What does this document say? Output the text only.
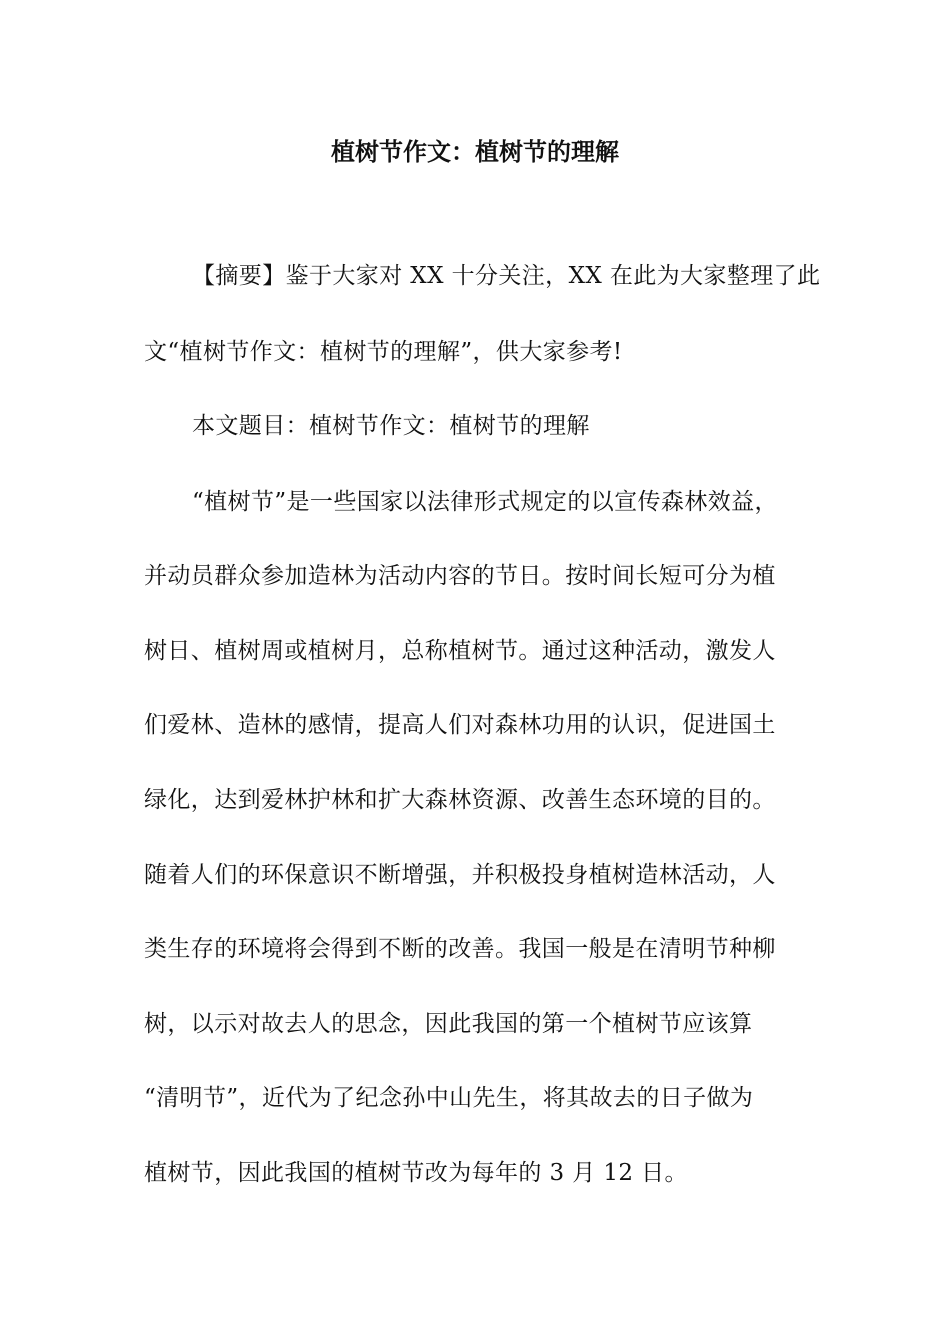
植树节作文：植树节的理解
【摘要】鉴于大家对 XX 十分关注，XX 在此为大家整理了此
文“植树节作文：植树节的理解”，供大家参考!
本文题目：植树节作文：植树节的理解
“植树节”是一些国家以法律形式规定的以宣传森林效益，
并动员群众参加造林为活动内容的节日。按时间长短可分为植
树日、植树周或植树月，总称植树节。通过这种活动，激发人
们爱林、造林的感情，提高人们对森林功用的认识，促进国土
绿化，达到爱林护林和扩大森林资源、改善生态环境的目的。
随着人们的环保意识不断增强，并积极投身植树造林活动，人
类生存的环境将会得到不断的改善。我国一般是在清明节种柳
树，以示对故去人的思念，因此我国的第一个植树节应该算
“清明节”，近代为了纪念孙中山先生，将其故去的日子做为
植树节，因此我国的植树节改为每年的 3 月 12 日。
